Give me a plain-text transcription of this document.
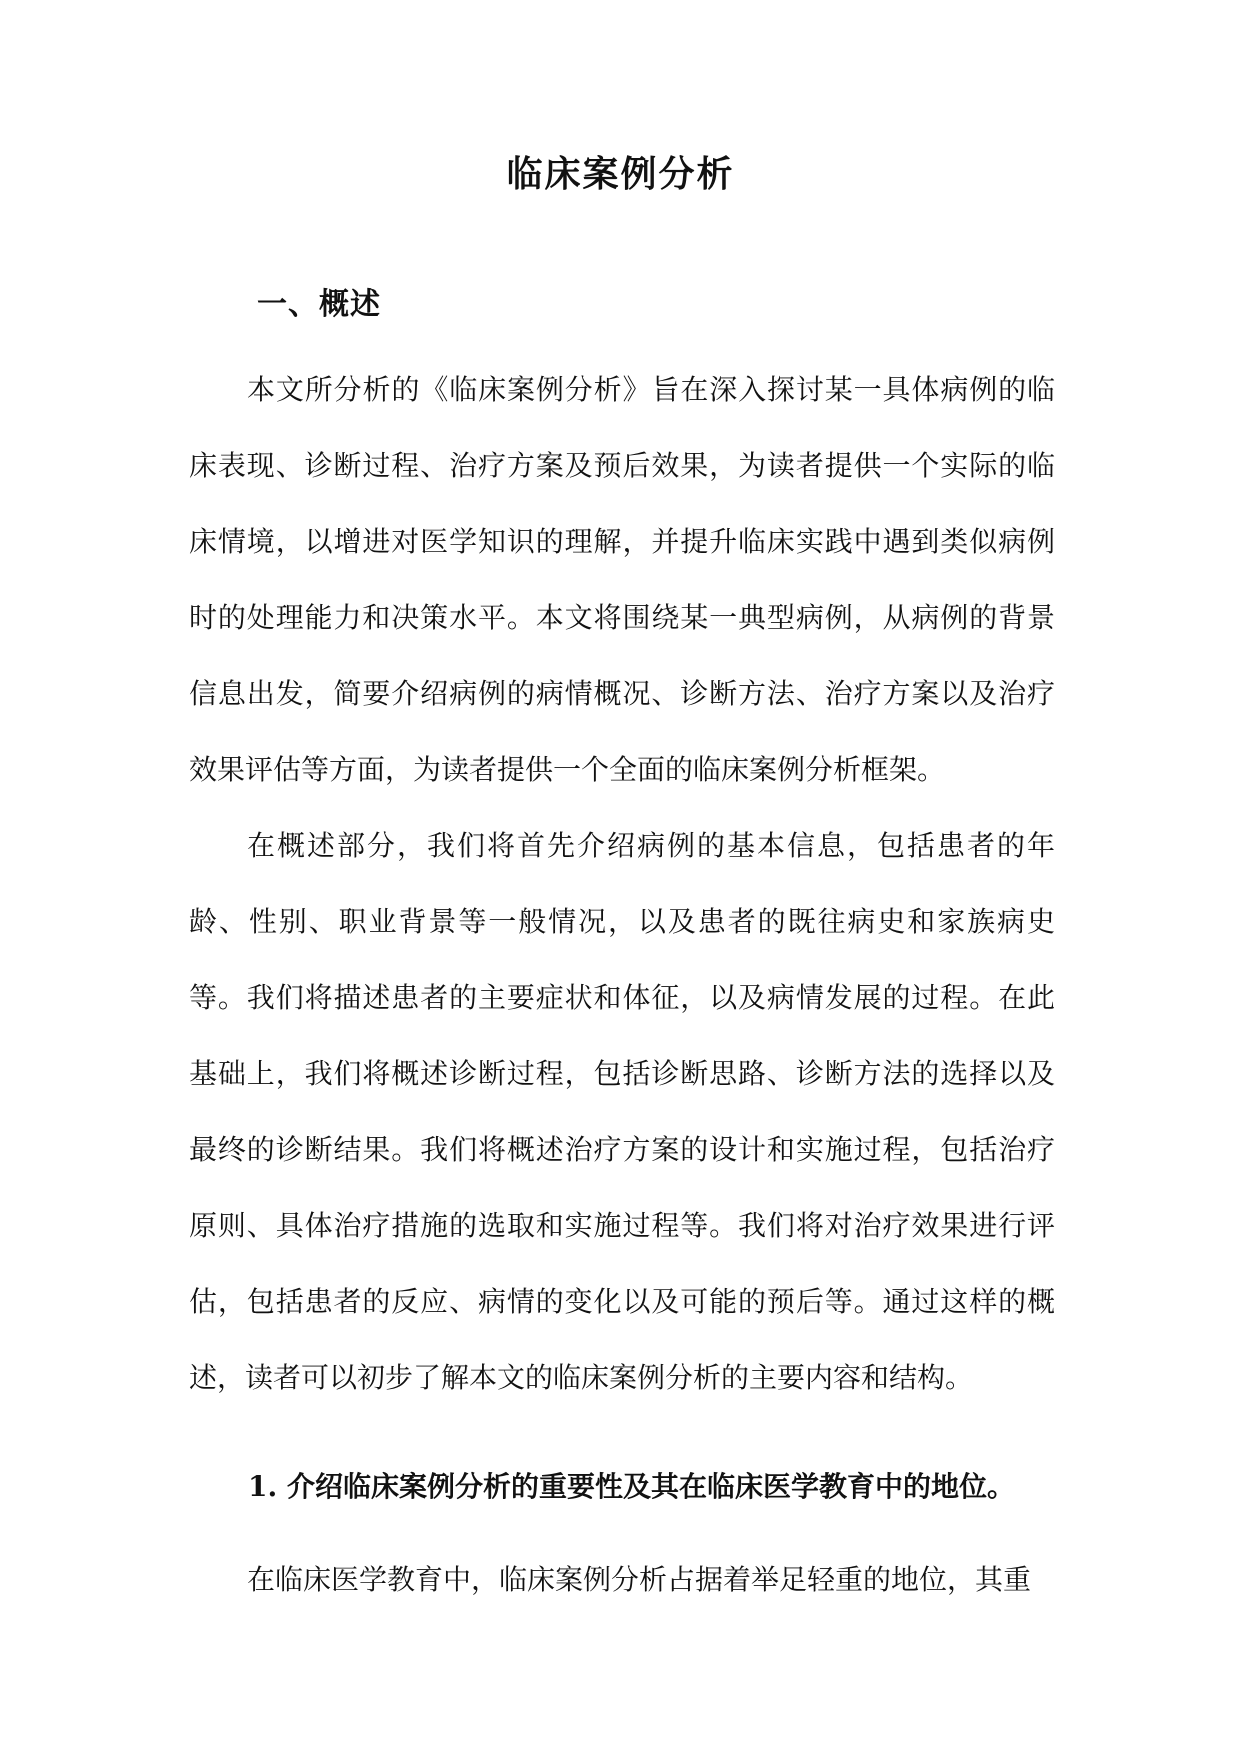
临床案例分析
一、概述

本文所分析的《临床案例分析》旨在深入探讨某一具体病例的临床表现、诊断过程、治疗方案及预后效果，为读者提供一个实际的临床情境，以增进对医学知识的理解，并提升临床实践中遇到类似病例时的处理能力和决策水平。本文将围绕某一典型病例，从病例的背景信息出发，简要介绍病例的病情概况、诊断方法、治疗方案以及治疗效果评估等方面，为读者提供一个全面的临床案例分析框架。

在概述部分，我们将首先介绍病例的基本信息，包括患者的年龄、性别、职业背景等一般情况，以及患者的既往病史和家族病史等。我们将描述患者的主要症状和体征，以及病情发展的过程。在此基础上，我们将概述诊断过程，包括诊断思路、诊断方法的选择以及最终的诊断结果。我们将概述治疗方案的设计和实施过程，包括治疗原则、具体治疗措施的选取和实施过程等。我们将对治疗效果进行评估，包括患者的反应、病情的变化以及可能的预后等。通过这样的概述，读者可以初步了解本文的临床案例分析的主要内容和结构。

1. 介绍临床案例分析的重要性及其在临床医学教育中的地位。

在临床医学教育中，临床案例分析占据着举足轻重的地位，其重
